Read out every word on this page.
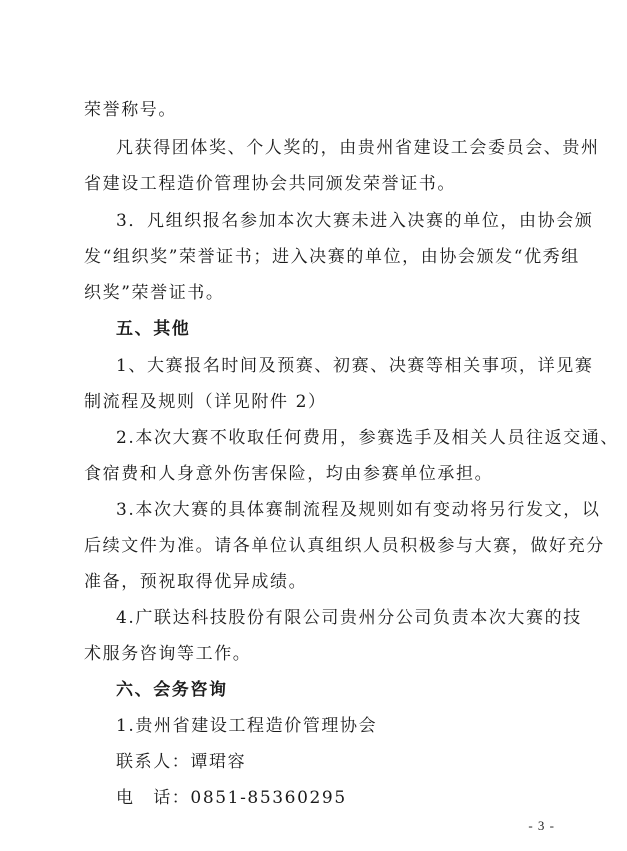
荣誉称号。
凡获得团体奖、个人奖的，由贵州省建设工会委员会、贵州
省建设工程造价管理协会共同颁发荣誉证书。
3．凡组织报名参加本次大赛未进入决赛的单位，由协会颁
发“组织奖”荣誉证书；进入决赛的单位，由协会颁发“优秀组
织奖”荣誉证书。
五、其他
1、大赛报名时间及预赛、初赛、决赛等相关事项，详见赛
制流程及规则（详见附件 2）
2.本次大赛不收取任何费用，参赛选手及相关人员往返交通、
食宿费和人身意外伤害保险，均由参赛单位承担。
3.本次大赛的具体赛制流程及规则如有变动将另行发文，以
后续文件为准。请各单位认真组织人员积极参与大赛，做好充分
准备，预祝取得优异成绩。
4.广联达科技股份有限公司贵州分公司负责本次大赛的技
术服务咨询等工作。
六、会务咨询
1.贵州省建设工程造价管理协会
联系人：谭珺容
电　话：0851-85360295
- 3 -
